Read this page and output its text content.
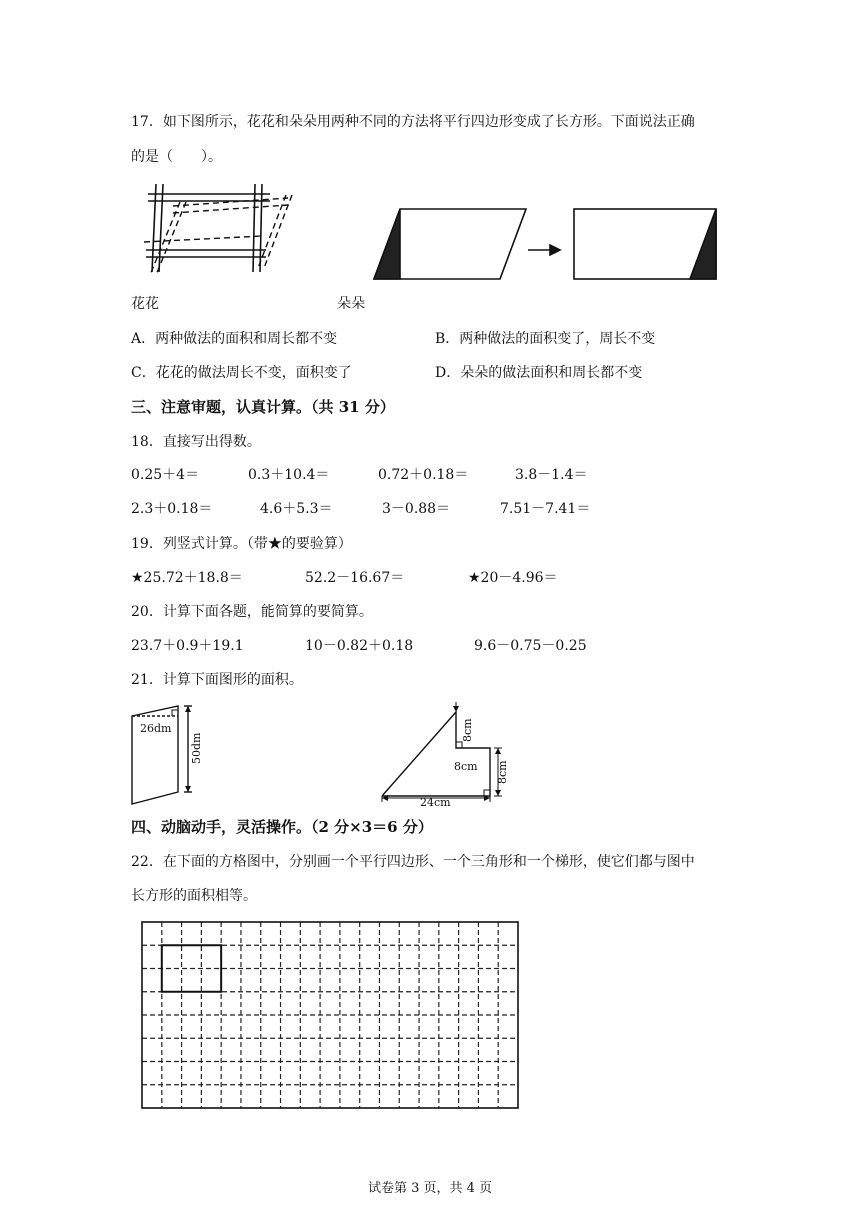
17．如下图所示，花花和朵朵用两种不同的方法将平行四边形变成了长方形。下面说法正确
的是（　　）。
花花	朵朵
A．两种做法的面积和周长都不变	B．两种做法的面积变了，周长不变
C．花花的做法周长不变，面积变了	D．朵朵的做法面积和周长都不变
三、注意审题，认真计算。（共 31 分）
18．直接写出得数。
0.25＋4＝	0.3＋10.4＝	0.72＋0.18＝	3.8－1.4＝
2.3＋0.18＝	4.6＋5.3＝	3－0.88＝	7.51－7.41＝
19．列竖式计算。（带★的要验算）
★25.72＋18.8＝	52.2－16.67＝	★20－4.96＝
20．计算下面各题，能简算的要简算。
23.7＋0.9＋19.1	10－0.82＋0.18	9.6－0.75－0.25
21．计算下面图形的面积。
26dm
50dm
8cm
8cm 8cm
24cm
四、动脑动手，灵活操作。（2 分×3＝6 分）
22．在下面的方格图中，分别画一个平行四边形、一个三角形和一个梯形，使它们都与图中
长方形的面积相等。
试卷第 3 页，共 4 页
